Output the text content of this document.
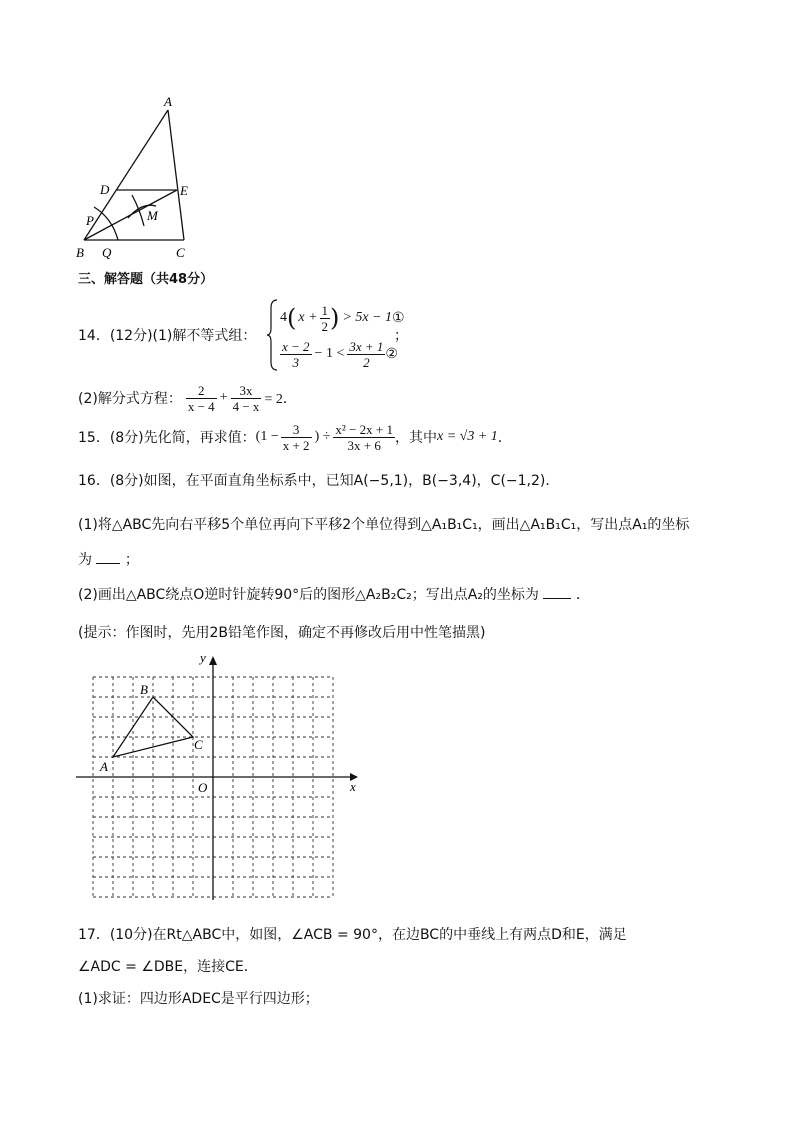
A
D	E
P	M
B Q	C
三、解答题（共48分）
14．(12分)(1)解不等式组：
4 ( $x + \frac{1}{2}$ ) > 5x − 1 ①
$\frac{x - 2}{3} - 1 < \frac{3x + 1}{2}$ ②
；
(2)解分式方程： $\frac{2}{x - 4} + \frac{3x}{4 - x} = 2$．
15．(8分)先化简，再求值： ($1 - \frac{3}{x + 2}$ ) ÷ $\frac{\text{x² − 2x + 1}}{3x + 6}$ ，其中 x = √3 + 1 ．
16．(8分)如图，在平面直角坐标系中，已知A(−5,1)，B(−3,4)，C(−1,2)．
(1)将△ABC先向右平移5个单位再向下平移2个单位得到△A₁B₁C₁，画出△A₁B₁C₁，写出点A₁的坐标
为 ；
(2)画出△ABC绕点O逆时针旋转90°后的图形△A₂B₂C₂；写出点A₂的坐标为	．
(提示：作图时，先用2B铅笔作图，确定不再修改后用中性笔描黑)
y
x
O
A
B
C
17．(10分)在Rt△ABC中，如图，∠ACB = 90°，在边BC的中垂线上有两点D和E，满足
∠ADC = ∠DBE，连接CE．
(1)求证：四边形ADEC是平行四边形；
